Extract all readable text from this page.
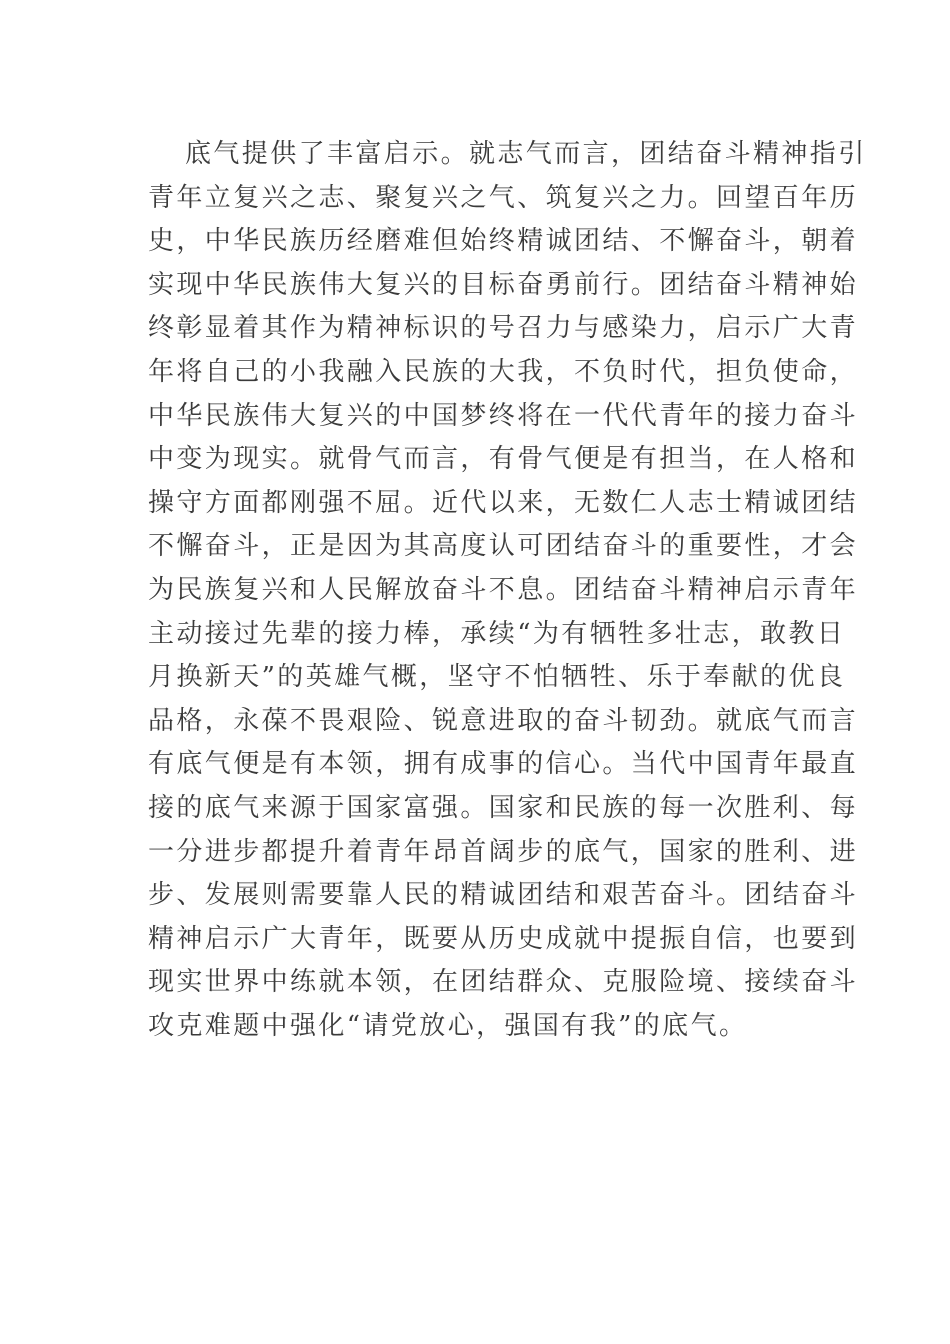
底气提供了丰富启示。就志气而言，团结奋斗精神指引
青年立复兴之志、聚复兴之气、筑复兴之力。回望百年历
史，中华民族历经磨难但始终精诚团结、不懈奋斗，朝着
实现中华民族伟大复兴的目标奋勇前行。团结奋斗精神始
终彰显着其作为精神标识的号召力与感染力，启示广大青
年将自己的小我融入民族的大我，不负时代，担负使命，
中华民族伟大复兴的中国梦终将在一代代青年的接力奋斗
中变为现实。就骨气而言，有骨气便是有担当，在人格和
操守方面都刚强不屈。近代以来，无数仁人志士精诚团结
不懈奋斗，正是因为其高度认可团结奋斗的重要性，才会
为民族复兴和人民解放奋斗不息。团结奋斗精神启示青年
主动接过先辈的接力棒，承续“为有牺牲多壮志，敢教日
月换新天”的英雄气概，坚守不怕牺牲、乐于奉献的优良
品格，永葆不畏艰险、锐意进取的奋斗韧劲。就底气而言
有底气便是有本领，拥有成事的信心。当代中国青年最直
接的底气来源于国家富强。国家和民族的每一次胜利、每
一分进步都提升着青年昂首阔步的底气，国家的胜利、进
步、发展则需要靠人民的精诚团结和艰苦奋斗。团结奋斗
精神启示广大青年，既要从历史成就中提振自信，也要到
现实世界中练就本领，在团结群众、克服险境、接续奋斗
攻克难题中强化“请党放心，强国有我”的底气。
